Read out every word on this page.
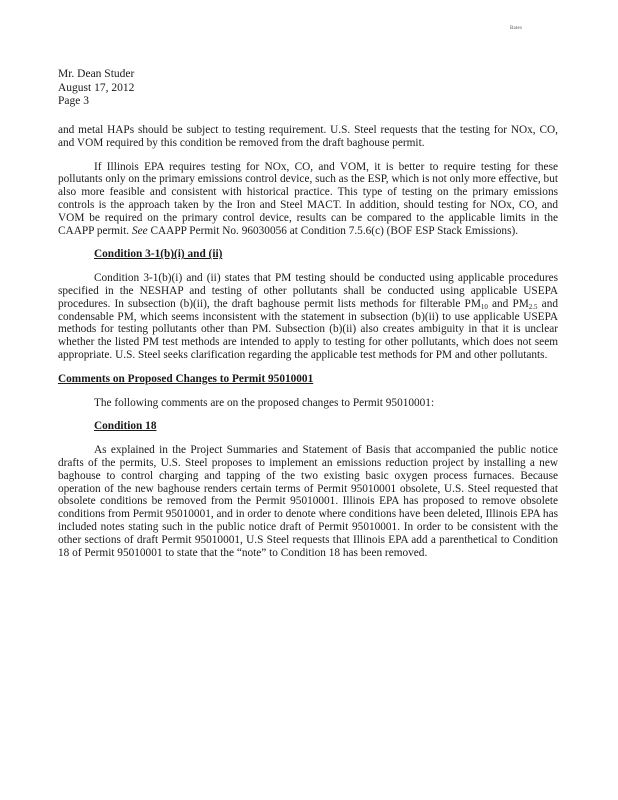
Bates
Mr. Dean Studer
August 17, 2012
Page 3

and metal HAPs should be subject to testing requirement. U.S. Steel requests that the testing for NOx, CO, and VOM required by this condition be removed from the draft baghouse permit.

If Illinois EPA requires testing for NOx, CO, and VOM, it is better to require testing for these pollutants only on the primary emissions control device, such as the ESP, which is not only more effective, but also more feasible and consistent with historical practice. This type of testing on the primary emissions controls is the approach taken by the Iron and Steel MACT. In addition, should testing for NOx, CO, and VOM be required on the primary control device, results can be compared to the applicable limits in the CAAPP permit. See CAAPP Permit No. 96030056 at Condition 7.5.6(c) (BOF ESP Stack Emissions).

Condition 3-1(b)(i) and (ii)

Condition 3-1(b)(i) and (ii) states that PM testing should be conducted using applicable procedures specified in the NESHAP and testing of other pollutants shall be conducted using applicable USEPA procedures. In subsection (b)(ii), the draft baghouse permit lists methods for filterable $PM_{10}$ and $PM_{2.5}$ and condensable PM, which seems inconsistent with the statement in subsection (b)(ii) to use applicable USEPA methods for testing pollutants other than PM. Subsection (b)(ii) also creates ambiguity in that it is unclear whether the listed PM test methods are intended to apply to testing for other pollutants, which does not seem appropriate. U.S. Steel seeks clarification regarding the applicable test methods for PM and other pollutants.

Comments on Proposed Changes to Permit 95010001

The following comments are on the proposed changes to Permit 95010001:

Condition 18

As explained in the Project Summaries and Statement of Basis that accompanied the public notice drafts of the permits, U.S. Steel proposes to implement an emissions reduction project by installing a new baghouse to control charging and tapping of the two existing basic oxygen process furnaces. Because operation of the new baghouse renders certain terms of Permit 95010001 obsolete, U.S. Steel requested that obsolete conditions be removed from the Permit 95010001. Illinois EPA has proposed to remove obsolete conditions from Permit 95010001, and in order to denote where conditions have been deleted, Illinois EPA has included notes stating such in the public notice draft of Permit 95010001. In order to be consistent with the other sections of draft Permit 95010001, U.S Steel requests that Illinois EPA add a parenthetical to Condition 18 of Permit 95010001 to state that the “note” to Condition 18 has been removed.
